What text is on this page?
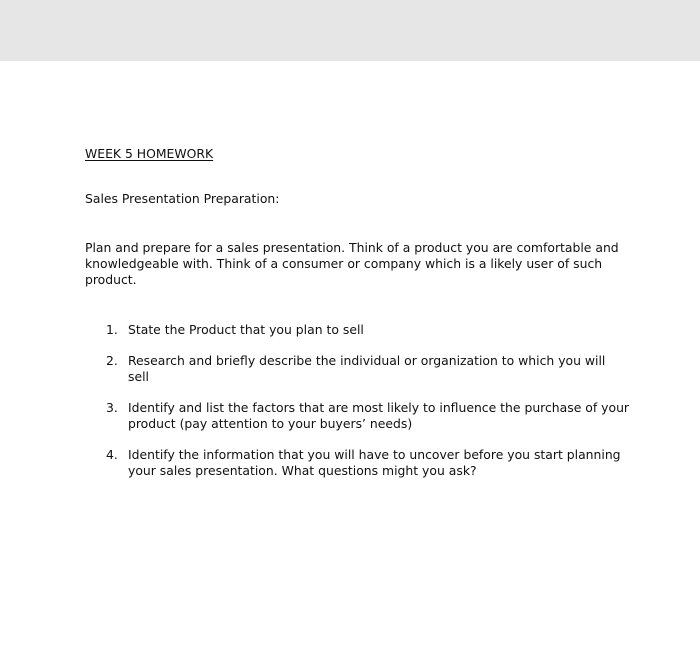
WEEK 5 HOMEWORK

Sales Presentation Preparation:

Plan and prepare for a sales presentation. Think of a product you are comfortable and knowledgeable with. Think of a consumer or company which is a likely user of such product.

1. State the Product that you plan to sell
2. Research and briefly describe the individual or organization to which you will sell
3. Identify and list the factors that are most likely to influence the purchase of your product (pay attention to your buyers’ needs)
4. Identify the information that you will have to uncover before you start planning your sales presentation. What questions might you ask?
